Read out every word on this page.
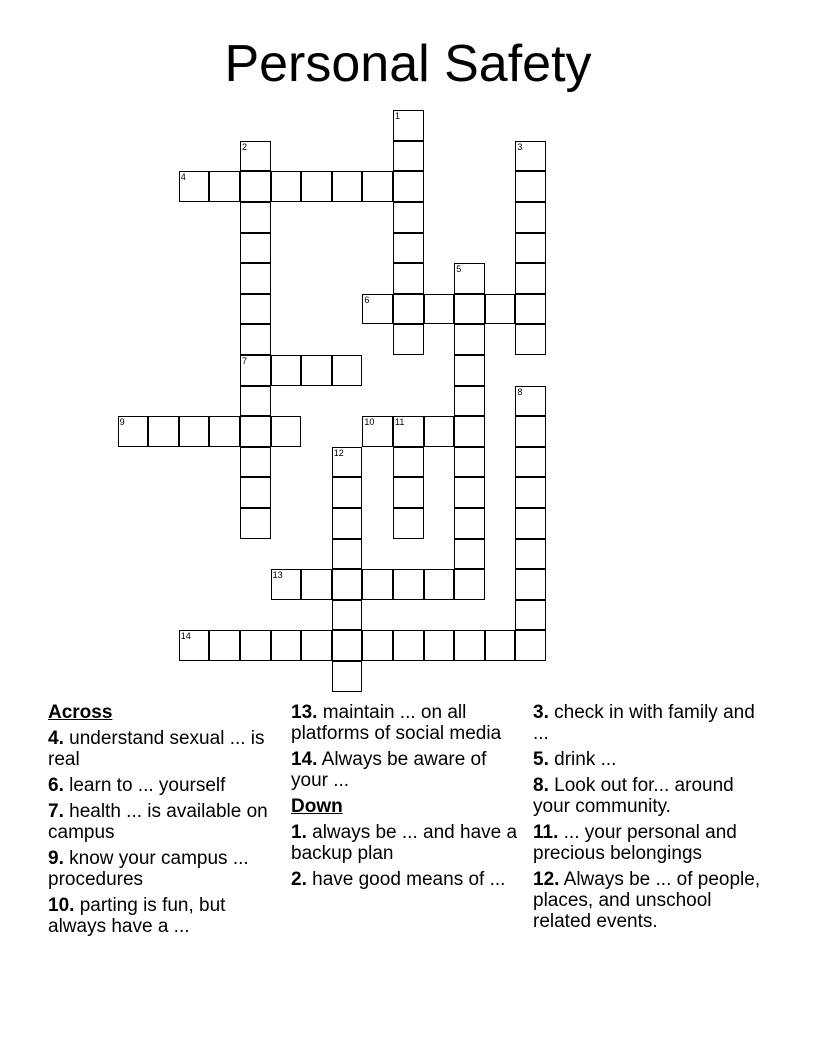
Personal Safety
1
2	3
4
5
6
7
8
9	10 11
12
13
14
Across
4. understand sexual ... is real
6. learn to ... yourself
7. health ... is available on campus
9. know your campus ... procedures
10. parting is fun, but always have a ...
13. maintain ... on all platforms of social media
14. Always be aware of your ...
Down
1. always be ... and have a backup plan
2. have good means of ...
3. check in with family and ...
5. drink ...
8. Look out for... around your community.
11. ... your personal and precious belongings
12. Always be ... of people, places, and unschool related events.
